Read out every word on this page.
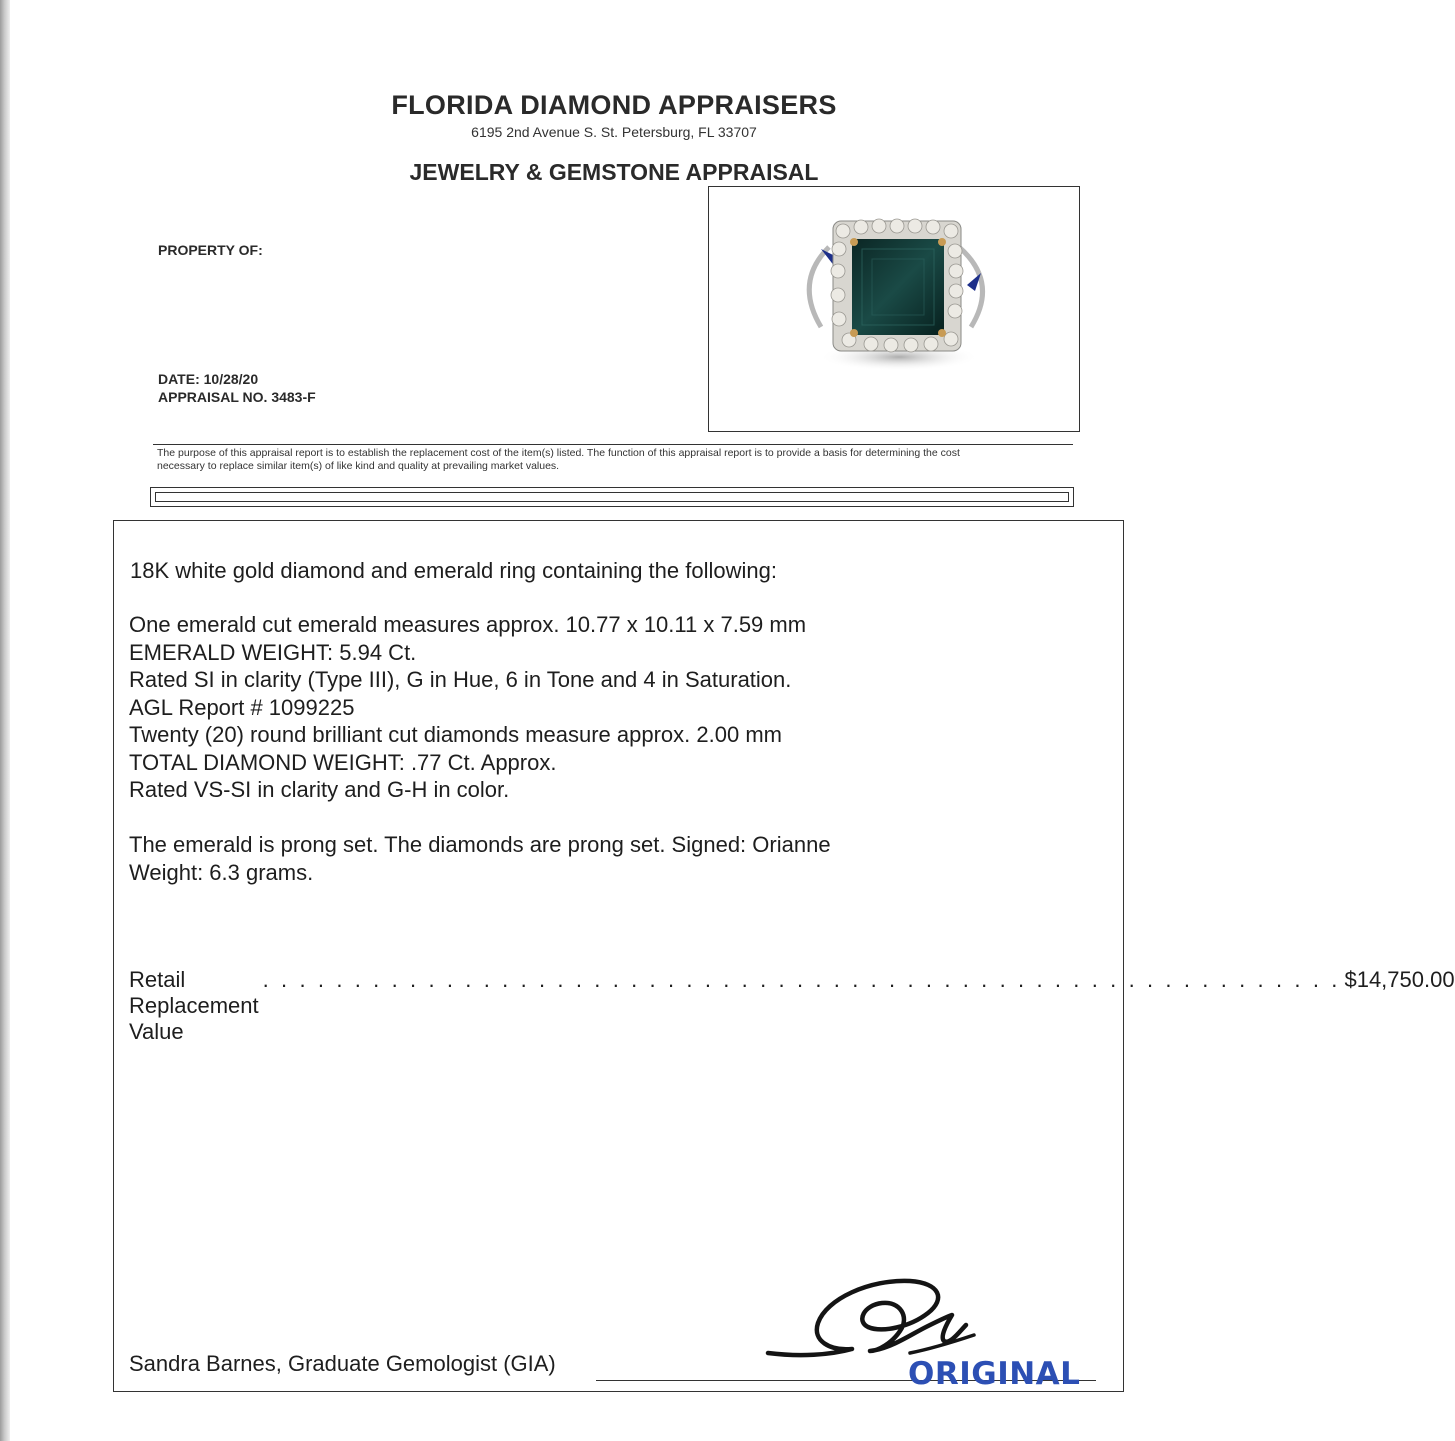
FLORIDA DIAMOND APPRAISERS
6195 2nd Avenue S. St. Petersburg, FL 33707
JEWELRY & GEMSTONE APPRAISAL
PROPERTY OF:
DATE: 10/28/20
APPRAISAL NO. 3483-F
The purpose of this appraisal report is to establish the replacement cost of the item(s) listed. The function of this appraisal report is to provide a basis for determining the cost
necessary to replace similar item(s) of like kind and quality at prevailing market values.
18K white gold diamond and emerald ring containing the following:
One emerald cut emerald measures approx. 10.77 x 10.11 x 7.59 mm
EMERALD WEIGHT: 5.94 Ct.
Rated SI in clarity (Type III), G in Hue, 6 in Tone and 4 in Saturation.
AGL Report # 1099225
Twenty (20) round brilliant cut diamonds measure approx. 2.00 mm
TOTAL DIAMOND WEIGHT: .77 Ct. Approx.
Rated VS-SI in clarity and G-H in color.
The emerald is prong set. The diamonds are prong set. Signed: Orianne
Weight: 6.3 grams.
Retail Replacement Value
. . . . . . . . . . . . . . . . . . . . . . . . . . . . . . . . . . . . . . . . . . . . . . . . . . . . . . . . . . . $14,750.00
Sandra Barnes, Graduate Gemologist (GIA)	ORIGINAL
